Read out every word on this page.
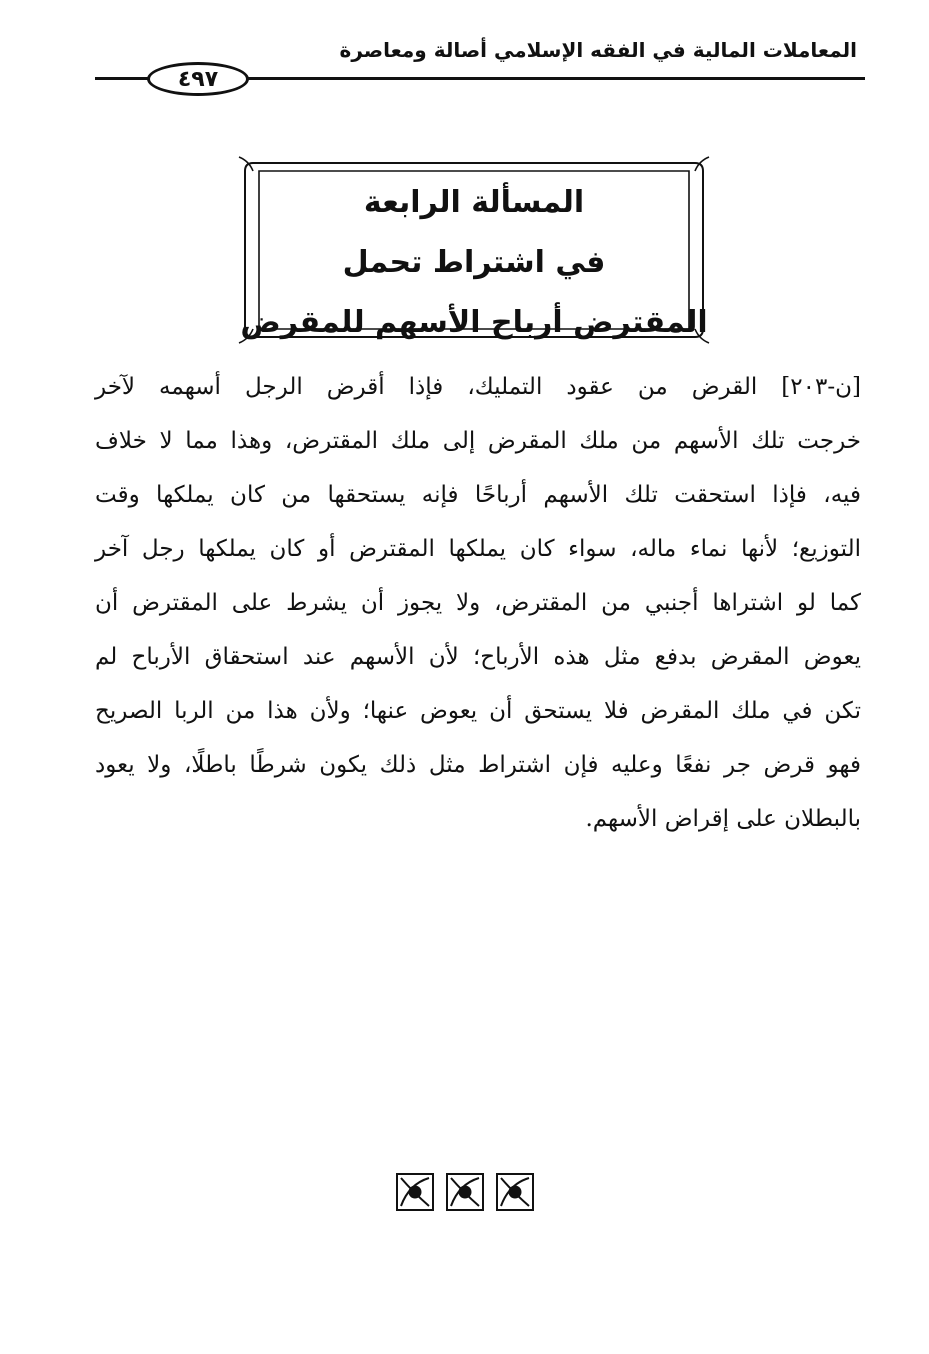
المعاملات المالية في الفقه الإسلامي أصالة ومعاصرة
٤٩٧
المسألة الرابعة
في اشتراط تحمل
المقترض أرباح الأسهم للمقرض
[ن-٢٠٣] القرض من عقود التمليك، فإذا أقرض الرجل أسهمه لآخر
خرجت تلك الأسهم من ملك المقرض إلى ملك المقترض، وهذا مما لا خلاف
فيه، فإذا استحقت تلك الأسهم أرباحًا فإنه يستحقها من كان يملكها وقت
التوزيع؛ لأنها نماء ماله، سواء كان يملكها المقترض أو كان يملكها رجل آخر
كما لو اشتراها أجنبي من المقترض، ولا يجوز أن يشرط على المقترض أن
يعوض المقرض بدفع مثل هذه الأرباح؛ لأن الأسهم عند استحقاق الأرباح لم
تكن في ملك المقرض فلا يستحق أن يعوض عنها؛ ولأن هذا من الربا الصريح
فهو قرض جر نفعًا وعليه فإن اشتراط مثل ذلك يكون شرطًا باطلًا، ولا يعود
بالبطلان على إقراض الأسهم.
